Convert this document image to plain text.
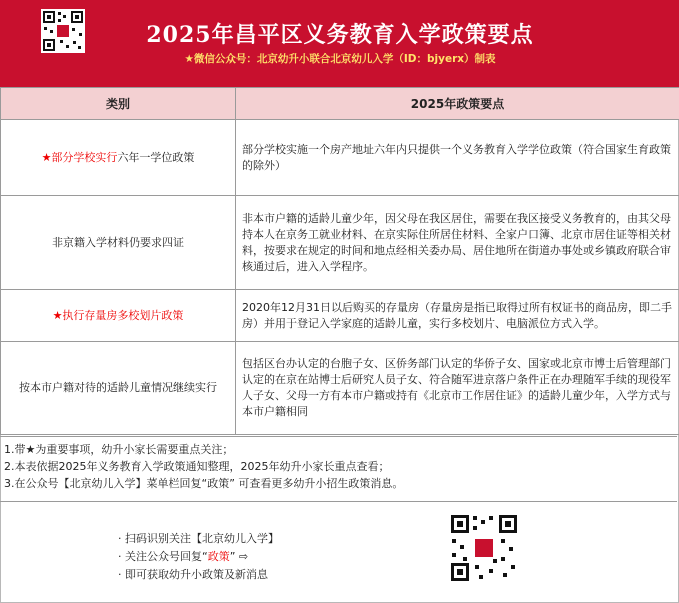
2025年昌平区义务教育入学政策要点
★微信公众号：北京幼升小联合北京幼儿入学（ID：bjyerx）制表
类别	2025年政策要点
★部分学校实行六年一学位政策	部分学校实施一个房产地址六年内只提供一个义务教育入学学位政策（符合国家生育政策的除外）
非京籍入学材料仍要求四证	非本市户籍的适龄儿童少年，因父母在我区居住，需要在我区接受义务教育的，由其父母持本人在京务工就业材料、在京实际住所居住材料、全家户口簿、北京市居住证等相关材料，按要求在规定的时间和地点经相关委办局、居住地所在街道办事处或乡镇政府联合审核通过后，进入入学程序。
★执行存量房多校划片政策	2020年12月31日以后购买的存量房（存量房是指已取得过所有权证书的商品房，即二手房）并用于登记入学家庭的适龄儿童，实行多校划片、电脑派位方式入学。
按本市户籍对待的适龄儿童情况继续实行	包括区台办认定的台胞子女、区侨务部门认定的华侨子女、国家或北京市博士后管理部门认定的在京在站博士后研究人员子女、符合随军进京落户条件正在办理随军手续的现役军人子女、父母一方有本市户籍或持有《北京市工作居住证》的适龄儿童少年，入学方式与本市户籍相同
1.带★为重要事项，幼升小家长需要重点关注；
2.本表依据2025年义务教育入学政策通知整理，2025年幼升小家长重点查看；
3.在公众号【北京幼儿入学】菜单栏回复“政策” 可查看更多幼升小招生政策消息。
· 扫码识别关注【北京幼儿入学】
· 关注公众号回复“政策” ⇨
· 即可获取幼升小政策及新消息
